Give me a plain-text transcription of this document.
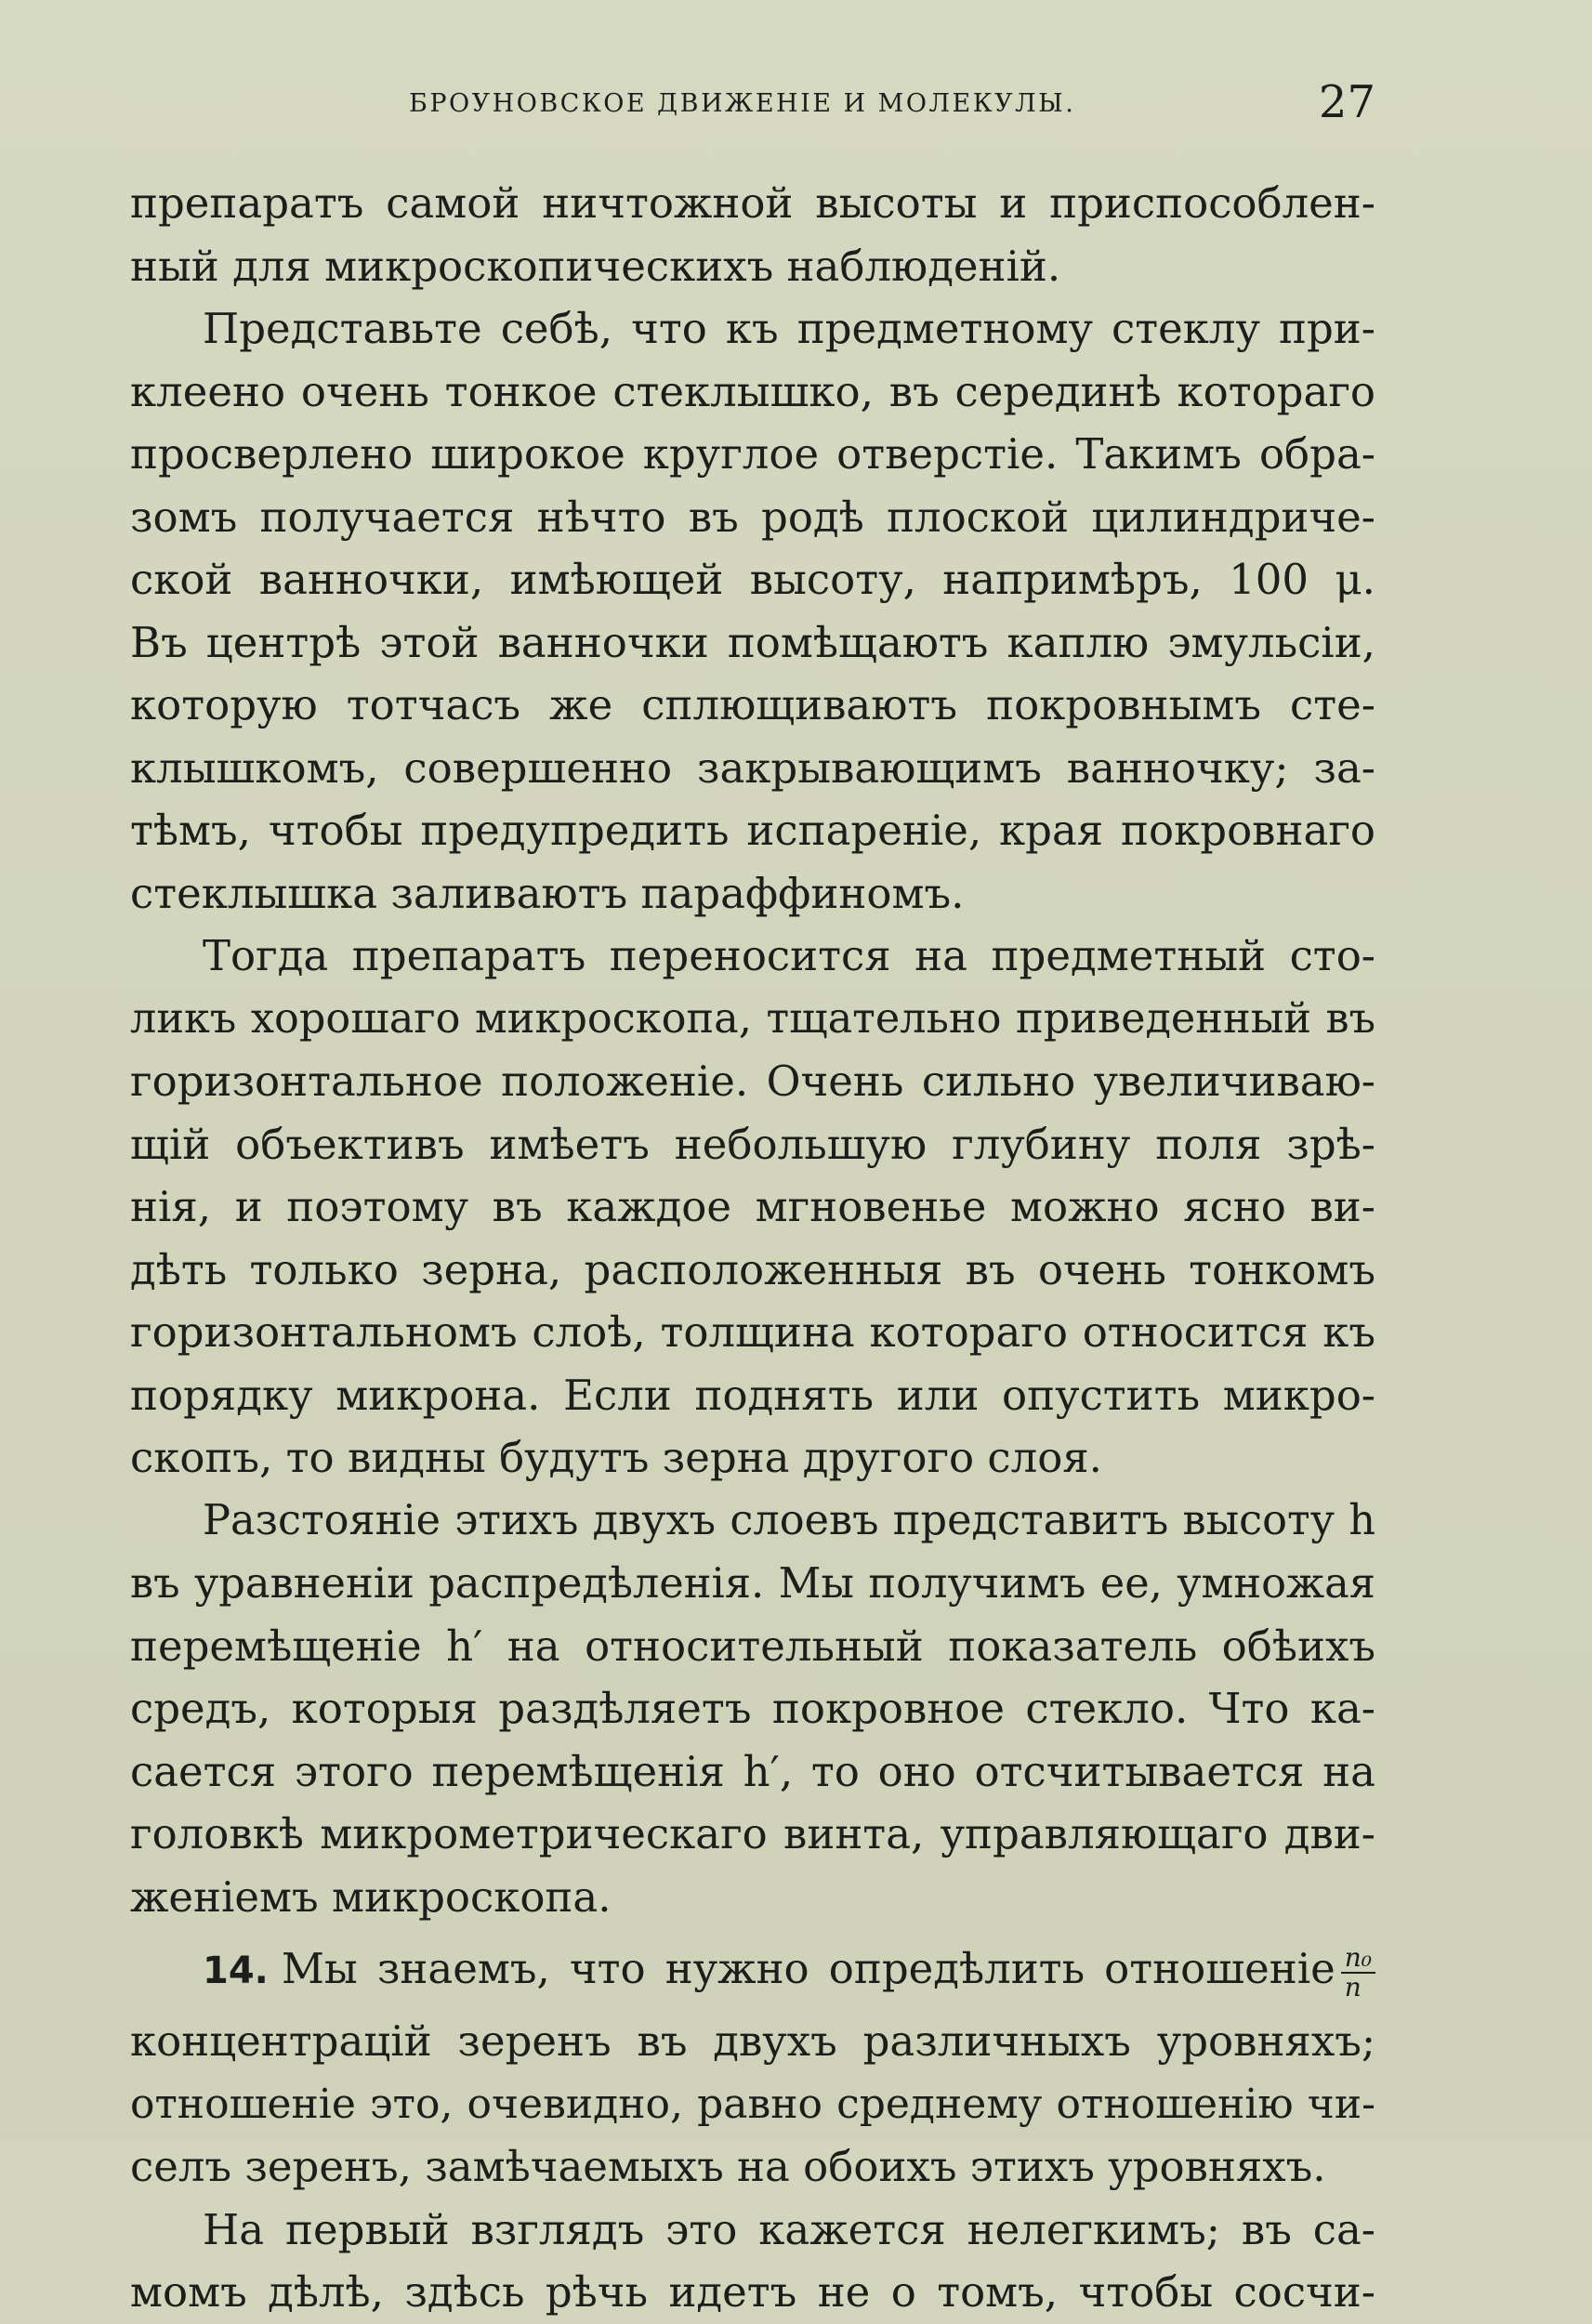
БРОУНОВСКОЕ ДВИЖЕНІЕ И МОЛЕКУЛЫ.	27
препаратъ самой ничтожной высоты и приспособлен-
ный для микроскопическихъ наблюденій.
Представьте себѣ, что къ предметному стеклу при-
клеено очень тонкое стеклышко, въ серединѣ котораго
просверлено широкое круглое отверстіе. Такимъ обра-
зомъ получается нѣчто въ родѣ плоской цилиндриче-
ской ванночки, имѣющей высоту, напримѣръ, 100 μ.
Въ центрѣ этой ванночки помѣщаютъ каплю эмульсіи,
которую тотчасъ же сплющиваютъ покровнымъ сте-
клышкомъ, совершенно закрывающимъ ванночку; за-
тѣмъ, чтобы предупредить испареніе, края покровнаго
стеклышка заливаютъ параффиномъ.
Тогда препаратъ переносится на предметный сто-
ликъ хорошаго микроскопа, тщательно приведенный въ
горизонтальное положеніе. Очень сильно увеличиваю-
щій объективъ имѣетъ небольшую глубину поля зрѣ-
нія, и поэтому въ каждое мгновенье можно ясно ви-
дѣть только зерна, расположенныя въ очень тонкомъ
горизонтальномъ слоѣ, толщина котораго относится къ
порядку микрона. Если поднять или опустить микро-
скопъ, то видны будутъ зерна другого слоя.
Разстояніе этихъ двухъ слоевъ представитъ высоту h
въ уравненіи распредѣленія. Мы получимъ ее, умножая
перемѣщеніе h′ на относительный показатель обѣихъ
средъ, которыя раздѣляетъ покровное стекло. Что ка-
сается этого перемѣщенія h′, то оно отсчитывается на
головкѣ микрометрическаго винта, управляющаго дви-
женіемъ микроскопа.
14. Мы знаемъ, что нужно опредѣлить отношеніе $\frac{\text{n₀}}{n}$
концентрацій зеренъ въ двухъ различныхъ уровняхъ;
отношеніе это, очевидно, равно среднему отношенію чи-
селъ зеренъ, замѣчаемыхъ на обоихъ этихъ уровняхъ.
На первый взглядъ это кажется нелегкимъ; въ са-
момъ дѣлѣ, здѣсь рѣчь идетъ не о томъ, чтобы сосчи-
